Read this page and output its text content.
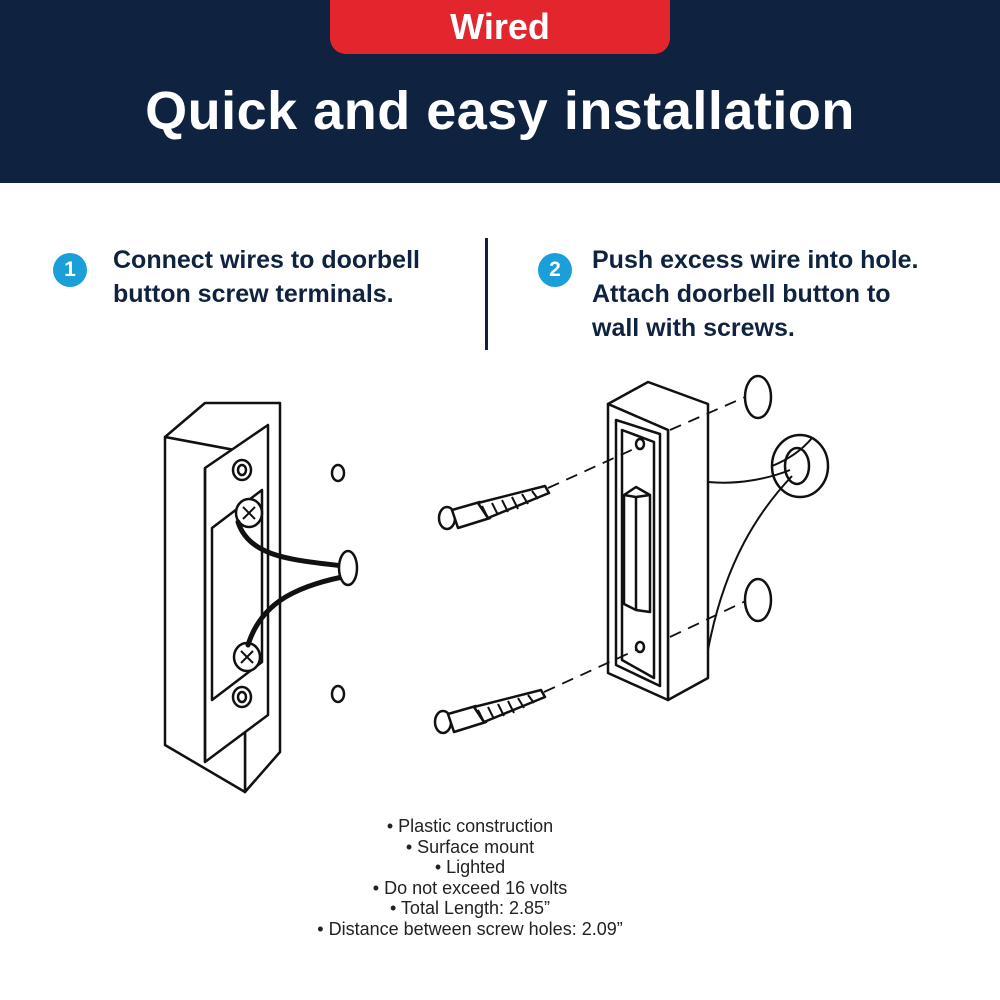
Wired
Quick and easy installation
1	Connect wires to doorbell
button screw terminals.
2	Push excess wire into hole.
Attach doorbell button to
wall with screws.
• Plastic construction
• Surface mount
• Lighted
• Do not exceed 16 volts
• Total Length: 2.85”
• Distance between screw holes: 2.09”
